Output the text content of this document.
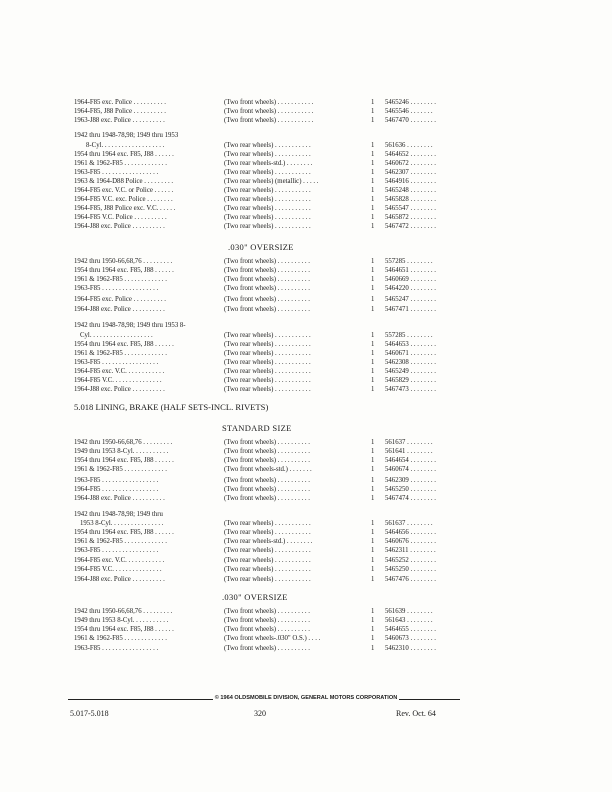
1964-F85 exc. Police . . . . . . . . . .	(Two front wheels) . . . . . . . . . . .	1 5465246 . . . . . . . .
1964-F85, J88 Police . . . . . . . . . .	(Two front wheels) . . . . . . . . . . .	1 5465546 . . . . . . .
1963-J88 exc. Police . . . . . . . . . .	(Two front wheels) . . . . . . . . . . .	1 5467470 . . . . . . . .
1942 thru 1948-78,98; 1949 thru 1953
8-Cyl. . . . . . . . . . . . . . . . . . .	(Two rear wheels) . . . . . . . . . . .	1 561636 . . . . . . . .
1954 thru 1964 exc. F85, J88 . . . . . .	(Two rear wheels) . . . . . . . . . . .	1 5464652 . . . . . . . .
1961 & 1962-F85 . . . . . . . . . . . . .	(Two rear wheels-std.) . . . . . . . .	1 5460672 . . . . . . . .
1963-F85 . . . . . . . . . . . . . . . . .	(Two rear wheels) . . . . . . . . . . .	1 5462307 . . . . . . . .
1963 & 1964-D88 Police . . . . . . . . .	(Two rear wheels) (metallic) . . . . .	1 5464916 . . . . . . . .
1964-F85 exc. V.C. or Police . . . . . .	(Two rear wheels) . . . . . . . . . . .	1 5465248 . . . . . . . .
1964-F85 V.C. exc. Police . . . . . . . .	(Two rear wheels) . . . . . . . . . . .	1 5465828 . . . . . . . .
1964-F85, J88 Police exc. V.C. . . . . .	(Two rear wheels) . . . . . . . . . . .	1 5465547 . . . . . . . .
1964-F85 V.C. Police . . . . . . . . . .	(Two rear wheels) . . . . . . . . . . .	1 5465872 . . . . . . . .
1964-J88 exc. Police . . . . . . . . . .	(Two rear wheels) . . . . . . . . . . .	1 5467472 . . . . . . . .
.030" OVERSIZE
1942 thru 1950-66,68,76 . . . . . . . . .	(Two front wheels) . . . . . . . . . .	1 557285 . . . . . . . .
1954 thru 1964 exc. F85, J88 . . . . . .	(Two front wheels) . . . . . . . . . .	1 5464651 . . . . . . . .
1961 & 1962-F85 . . . . . . . . . . . . .	(Two front wheels) . . . . . . . . . .	1 5460669 . . . . . . . .
1963-F85 . . . . . . . . . . . . . . . . .	(Two front wheels) . . . . . . . . . .	1 5464220 . . . . . . . .
1964-F85 exc. Police . . . . . . . . . .	(Two front wheels) . . . . . . . . . .	1 5465247 . . . . . . . .
1964-J88 exc. Police . . . . . . . . . .	(Two front wheels) . . . . . . . . . .	1 5467471 . . . . . . . .
1942 thru 1948-78,98; 1949 thru 1953 8-
Cyl. . . . . . . . . . . . . . . . . . .	(Two rear wheels) . . . . . . . . . . .	1 557285 . . . . . . . .
1954 thru 1964 exc. F85, J88 . . . . . .	(Two rear wheels) . . . . . . . . . . .	1 5464653 . . . . . . . .
1961 & 1962-F85 . . . . . . . . . . . . .	(Two rear wheels) . . . . . . . . . . .	1 5460671 . . . . . . . .
1963-F85 . . . . . . . . . . . . . . . . .	(Two rear wheels) . . . . . . . . . . .	1 5462308 . . . . . . . .
1964-F85 exc. V.C. . . . . . . . . . . .	(Two rear wheels) . . . . . . . . . . .	1 5465249 . . . . . . . .
1964-F85 V.C. . . . . . . . . . . . . . .	(Two rear wheels) . . . . . . . . . . .	1 5465829 . . . . . . . .
1964-J88 exc. Police . . . . . . . . . .	(Two rear wheels) . . . . . . . . . . .	1 5467473 . . . . . . . .
5.018 LINING, BRAKE (HALF SETS-INCL. RIVETS)
STANDARD SIZE
1942 thru 1950-66,68,76 . . . . . . . . .	(Two front wheels) . . . . . . . . . .	1 561637 . . . . . . . .
1949 thru 1953 8-Cyl. . . . . . . . . . .	(Two front wheels) . . . . . . . . . .	1 561641 . . . . . . . .
1954 thru 1964 exc. F85, J88 . . . . . .	(Two front wheels) . . . . . . . . . .	1 5464654 . . . . . . . .
1961 & 1962-F85 . . . . . . . . . . . . .	(Two front wheels-std.) . . . . . . .	1 5460674 . . . . . . . .
1963-F85 . . . . . . . . . . . . . . . . .	(Two front wheels) . . . . . . . . . .	1 5462309 . . . . . . . .
1964-F85 . . . . . . . . . . . . . . . . .	(Two front wheels) . . . . . . . . . .	1 5465250 . . . . . . . .
1964-J88 exc. Police . . . . . . . . . .	(Two front wheels) . . . . . . . . . .	1 5467474 . . . . . . . .
1942 thru 1948-78,98; 1949 thru
1953 8-Cyl. . . . . . . . . . . . . . . .	(Two rear wheels) . . . . . . . . . . .	1 561637 . . . . . . . .
1954 thru 1964 exc. F85, J88 . . . . . .	(Two rear wheels) . . . . . . . . . . .	1 5464656 . . . . . . . .
1961 & 1962-F85 . . . . . . . . . . . . .	(Two rear wheels-std.) . . . . . . . .	1 5460676 . . . . . . . .
1963-F85 . . . . . . . . . . . . . . . . .	(Two rear wheels) . . . . . . . . . . .	1 5462311 . . . . . . . .
1964-F85 exc. V.C. . . . . . . . . . . .	(Two rear wheels) . . . . . . . . . . .	1 5465252 . . . . . . . .
1964-F85 V.C. . . . . . . . . . . . . . .	(Two rear wheels) . . . . . . . . . . .	1 5465250 . . . . . . . .
1964-J88 exc. Police . . . . . . . . . .	(Two rear wheels) . . . . . . . . . . .	1 5467476 . . . . . . . .
.030" OVERSIZE
1942 thru 1950-66,68,76 . . . . . . . . .	(Two front wheels) . . . . . . . . . .	1 561639 . . . . . . . .
1949 thru 1953 8-Cyl. . . . . . . . . . .	(Two front wheels) . . . . . . . . . .	1 561643 . . . . . . . .
1954 thru 1964 exc. F85, J88 . . . . . .	(Two front wheels) . . . . . . . . . .	1 5464655 . . . . . . . .
1961 & 1962-F85 . . . . . . . . . . . . .	(Two front wheels-.030" O.S.) . . . .	1 5460673 . . . . . . . .
1963-F85 . . . . . . . . . . . . . . . . .	(Two front wheels) . . . . . . . . . .	1 5462310 . . . . . . . .
© 1964 OLDSMOBILE DIVISION, GENERAL MOTORS CORPORATION
5.017-5.018	320	Rev. Oct. 64
